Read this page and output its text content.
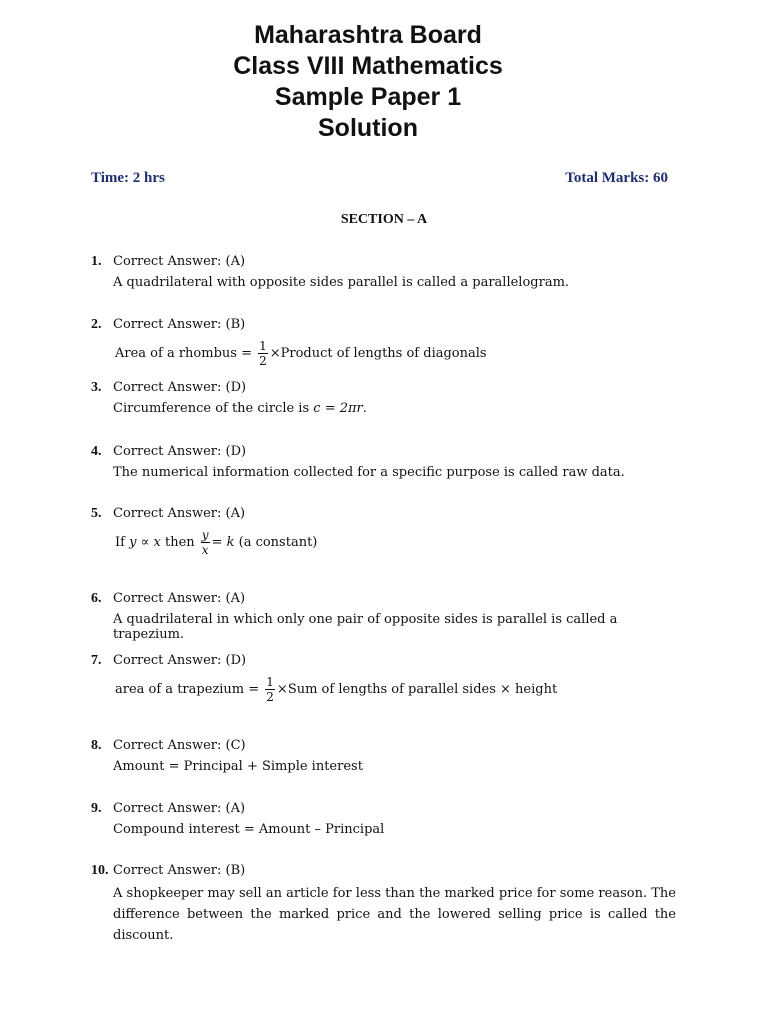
Maharashtra Board
Class VIII Mathematics
Sample Paper 1
Solution
Time: 2 hrs	Total Marks: 60
SECTION – A
1. Correct Answer: (A)
A quadrilateral with opposite sides parallel is called a parallelogram.
2. Correct Answer: (B)
Area of a rhombus = $\frac{1}{2}$ ×Product of lengths of diagonals
3. Correct Answer: (D)
Circumference of the circle is c = 2πr.
4. Correct Answer: (D)
The numerical information collected for a specific purpose is called raw data.
5. Correct Answer: (A)
If y ∝ x then $\frac{y}{x} = k$ (a constant)
6. Correct Answer: (A)
A quadrilateral in which only one pair of opposite sides is parallel is called a trapezium.
7. Correct Answer: (D)
area of a trapezium = $\frac{1}{2} \times Sum$ of lengths of parallel sides × height
8. Correct Answer: (C)
Amount = Principal + Simple interest
9. Correct Answer: (A)
Compound interest = Amount – Principal
10. Correct Answer: (B)
A shopkeeper may sell an article for less than the marked price for some reason. The difference between the marked price and the lowered selling price is called the discount.
